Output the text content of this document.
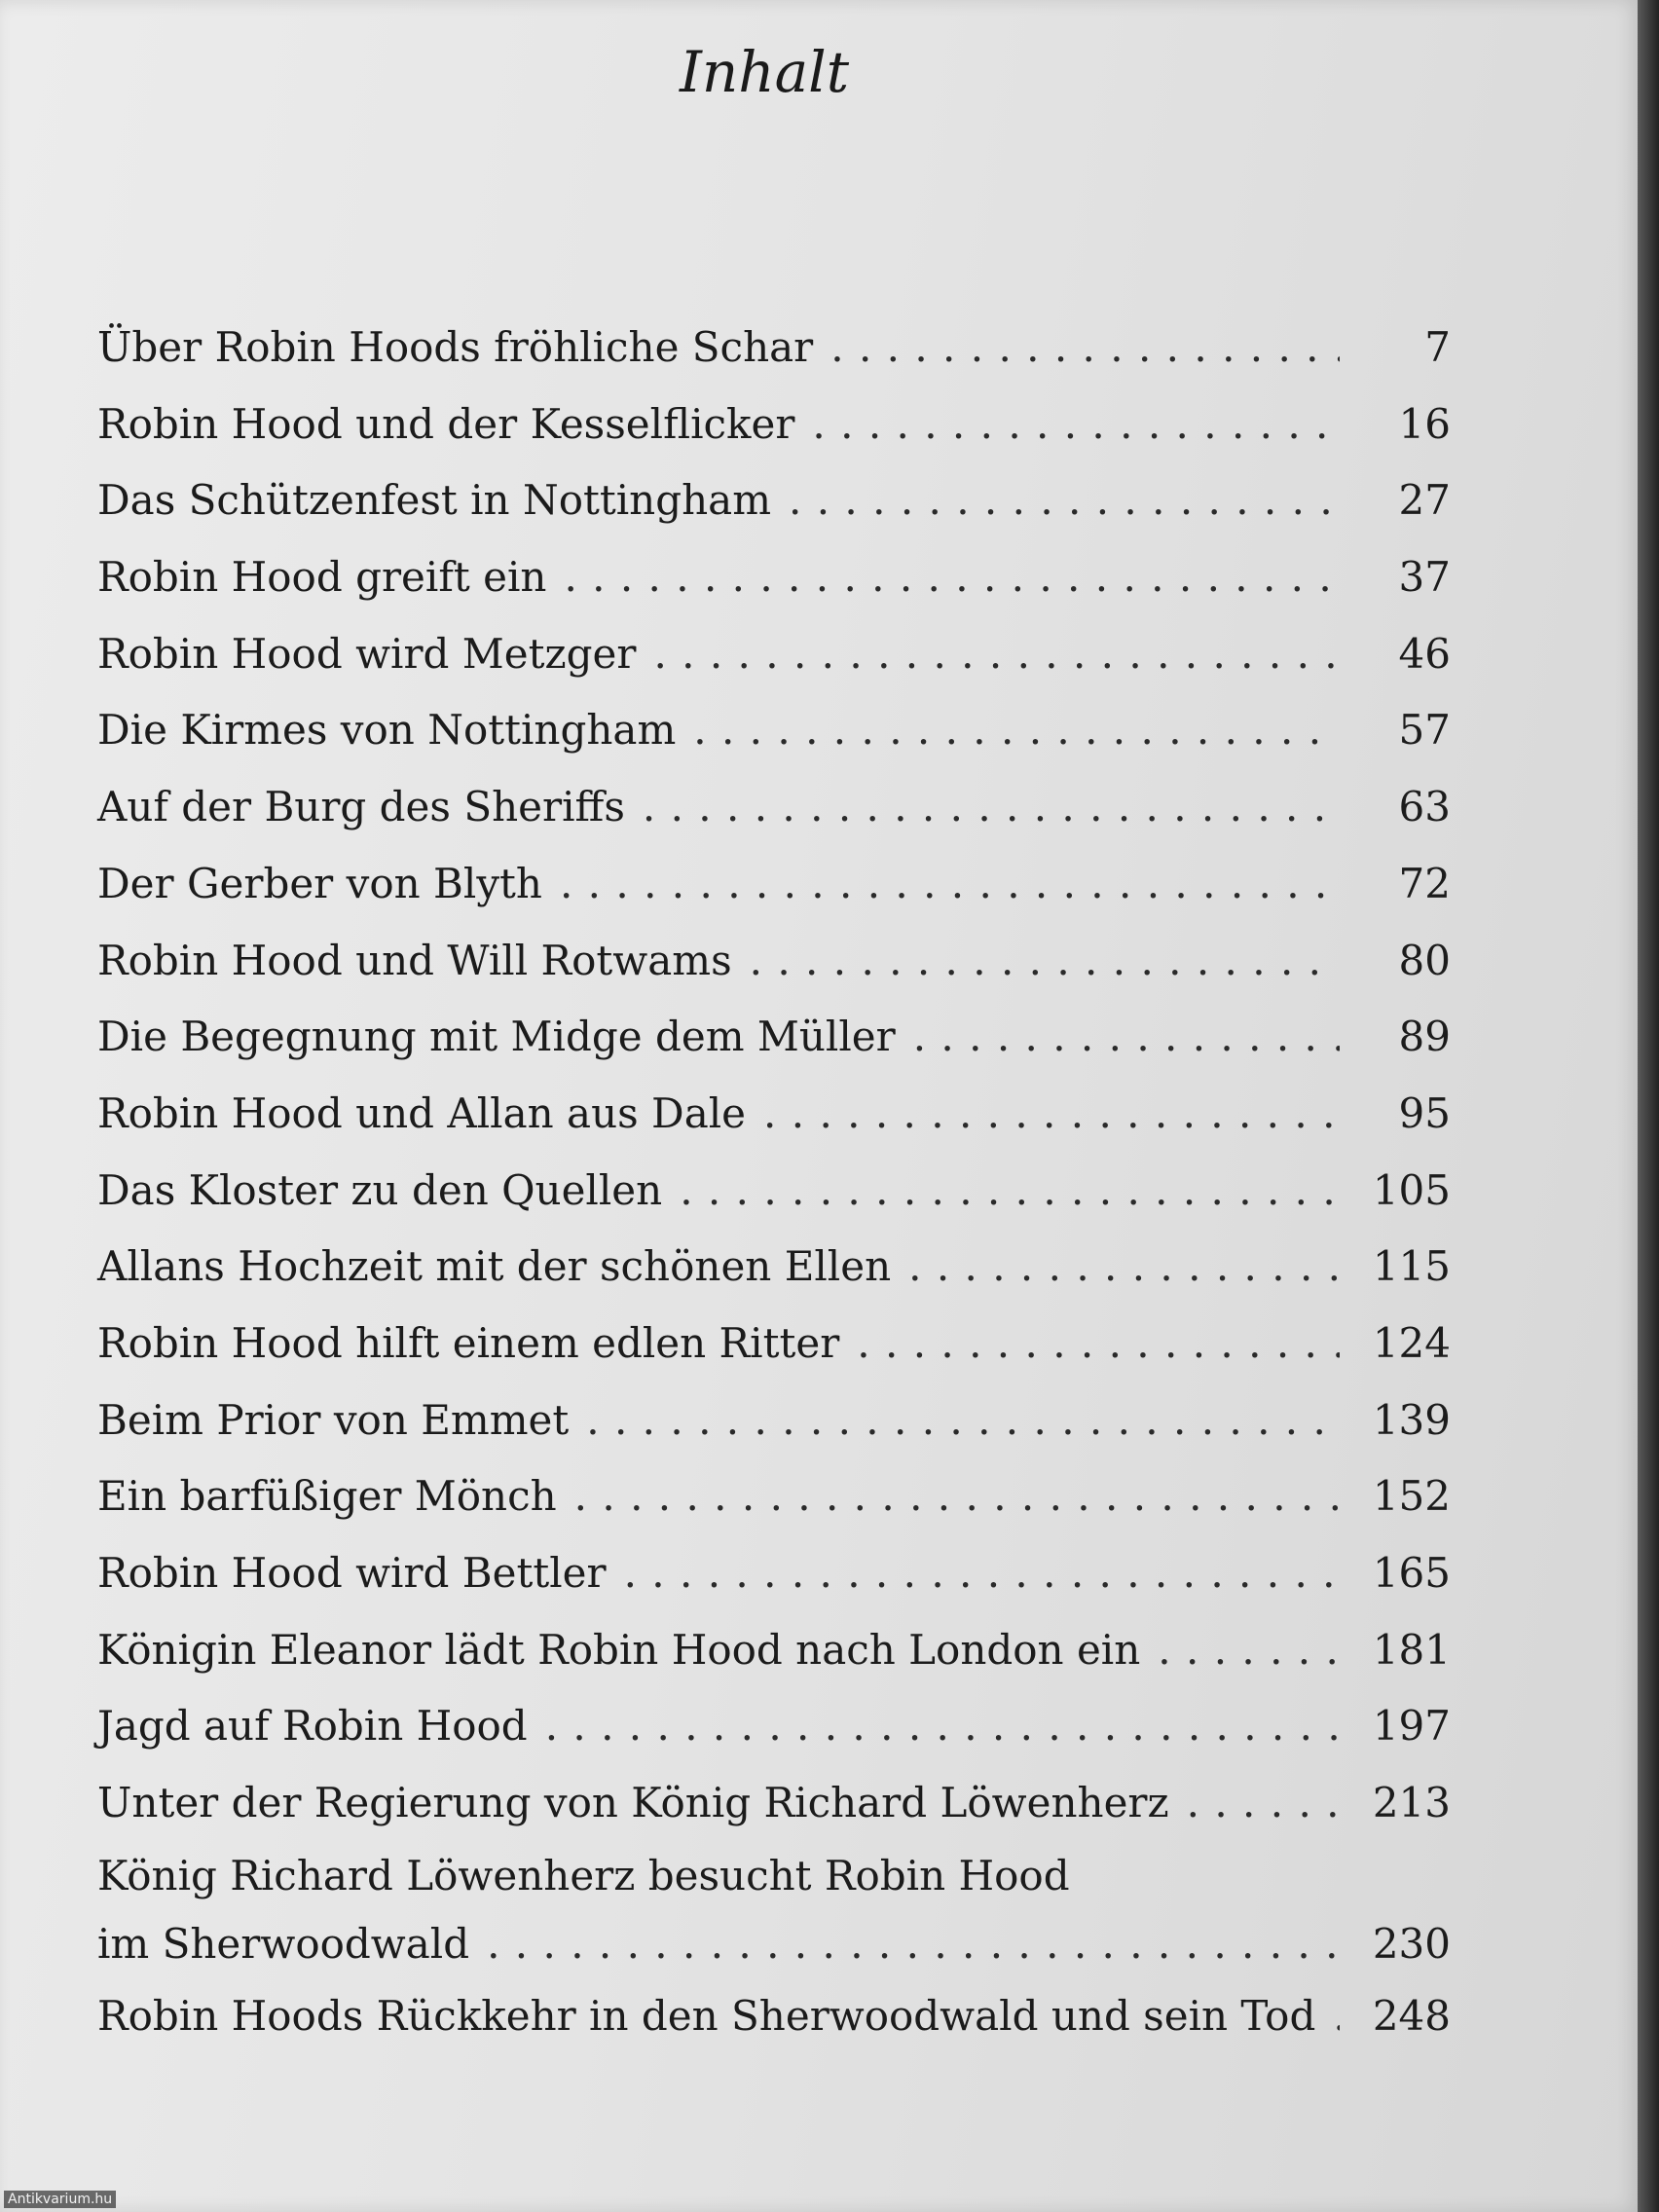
Inhalt
Über Robin Hoods fröhliche Schar . . .	7
Robin Hood und der Kesselflicker . . .	16
Das Schützenfest in Nottingham . . .	27
Robin Hood greift ein . . .	37
Robin Hood wird Metzger . . .	46
Die Kirmes von Nottingham . . .	57
Auf der Burg des Sheriffs . . .	63
Der Gerber von Blyth . . .	72
Robin Hood und Will Rotwams . . .	80
Die Begegnung mit Midge dem Müller . . .	89
Robin Hood und Allan aus Dale . . .	95
Das Kloster zu den Quellen . . .	105
Allans Hochzeit mit der schönen Ellen . . .	115
Robin Hood hilft einem edlen Ritter . . .	124
Beim Prior von Emmet . . .	139
Ein barfüßiger Mönch . . .	152
Robin Hood wird Bettler . . .	165
Königin Eleanor lädt Robin Hood nach London ein . . .	181
Jagd auf Robin Hood . . .	197
Unter der Regierung von König Richard Löwenherz . . .	213
König Richard Löwenherz besucht Robin Hood
im Sherwoodwald . . .	230
Robin Hoods Rückkehr in den Sherwoodwald und sein Tod . . . 248
Antikvarium.hu
